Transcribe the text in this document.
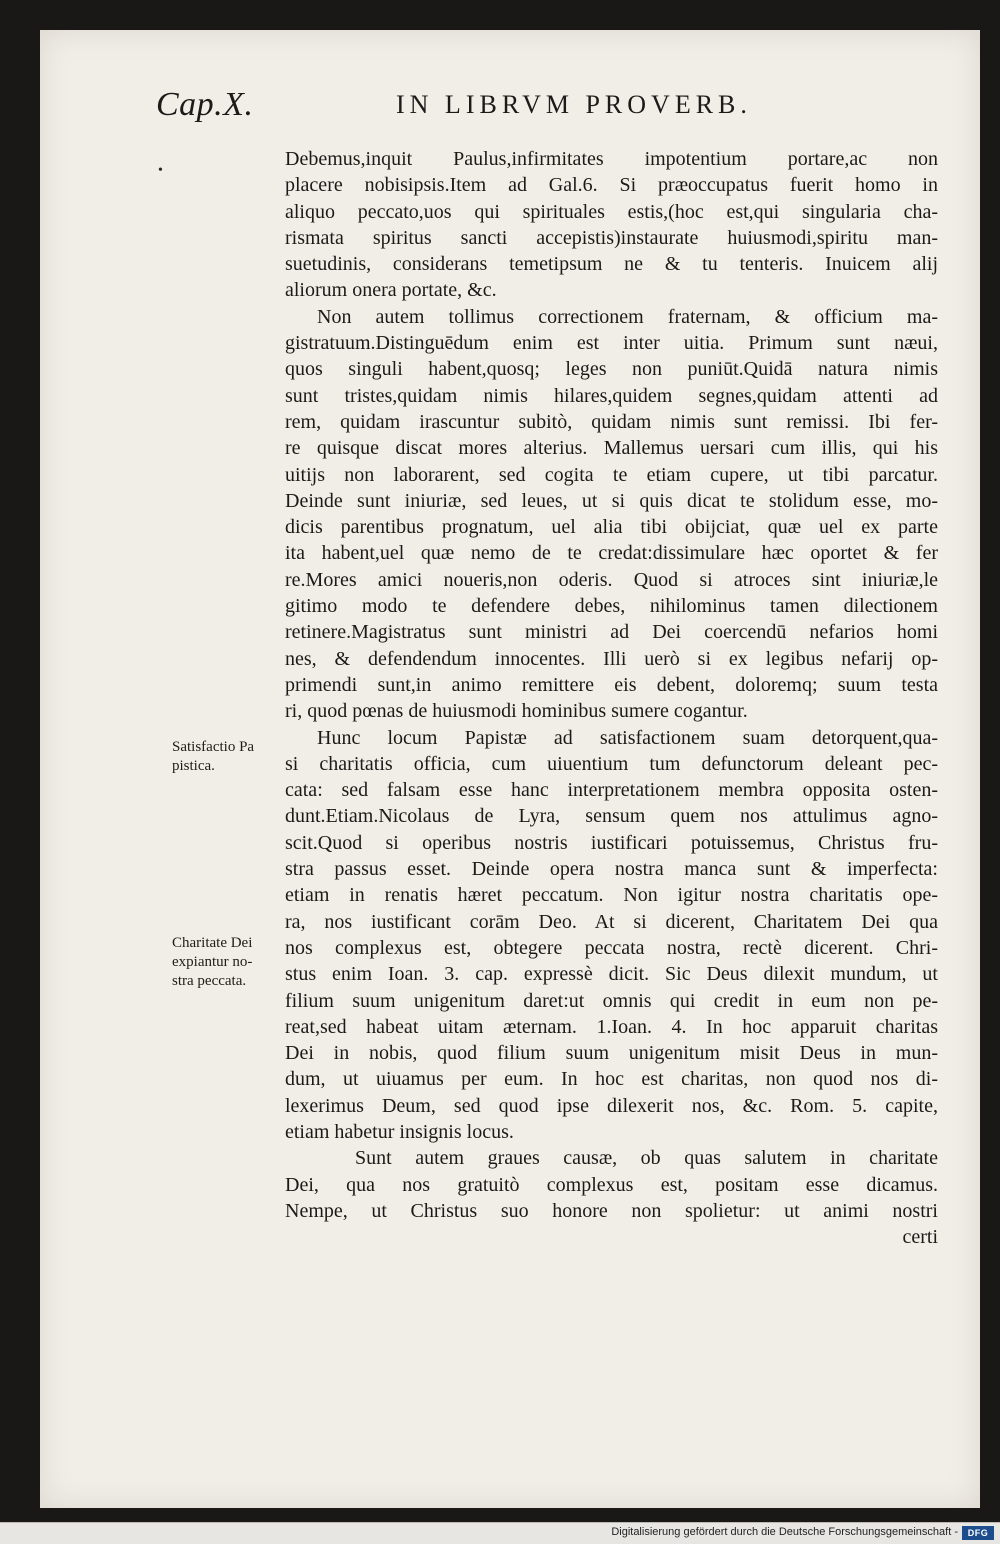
Cap.X.	IN LIBRVM PROVERB.
•
Debemus,inquit Paulus,infirmitates impotentium portare,ac non
placere nobisipsis.Item ad Gal.6. Si præoccupatus fuerit homo in
aliquo peccato,uos qui spirituales estis,(hoc est,qui singularia cha-
rismata spiritus sancti accepistis)instaurate huiusmodi,spiritu man-
suetudinis, considerans temetipsum ne & tu tenteris. Inuicem alij
aliorum onera portate, &c.
Non autem tollimus correctionem fraternam, & officium ma-
gistratuum.Distinguēdum enim est inter uitia. Primum sunt næui,
quos singuli habent,quosq; leges non puniūt.Quidā natura nimis
sunt tristes,quidam nimis hilares,quidem segnes,quidam attenti ad
rem, quidam irascuntur subitò, quidam nimis sunt remissi. Ibi fer-
re quisque discat mores alterius. Mallemus uersari cum illis, qui his
uitijs non laborarent, sed cogita te etiam cupere, ut tibi parcatur.
Deinde sunt iniuriæ, sed leues, ut si quis dicat te stolidum esse, mo-
dicis parentibus prognatum, uel alia tibi obijciat, quæ uel ex parte
ita habent,uel quæ nemo de te credat:dissimulare hæc oportet & fer
re.Mores amici noueris,non oderis. Quod si atroces sint iniuriæ,le
gitimo modo te defendere debes, nihilominus tamen dilectionem
retinere.Magistratus sunt ministri ad Dei coercendū nefarios homi
nes, & defendendum innocentes. Illi uerò si ex legibus nefarij op-
primendi sunt,in animo remittere eis debent, doloremq; suum testa
ri, quod pœnas de huiusmodi hominibus sumere cogantur.
Hunc locum Papistæ ad satisfactionem suam detorquent,qua-
si charitatis officia, cum uiuentium tum defunctorum deleant pec-
cata: sed falsam esse hanc interpretationem membra opposita osten-
dunt.Etiam.Nicolaus de Lyra, sensum quem nos attulimus agno-
scit.Quod si operibus nostris iustificari potuissemus, Christus fru-
stra passus esset. Deinde opera nostra manca sunt & imperfecta:
etiam in renatis hæret peccatum. Non igitur nostra charitatis ope-
ra, nos iustificant corām Deo. At si dicerent, Charitatem Dei qua
nos complexus est, obtegere peccata nostra, rectè dicerent. Chri-
stus enim Ioan. 3. cap. expressè dicit. Sic Deus dilexit mundum, ut
filium suum unigenitum daret:ut omnis qui credit in eum non pe-
reat,sed habeat uitam æternam. 1.Ioan. 4. In hoc apparuit charitas
Dei in nobis, quod filium suum unigenitum misit Deus in mun-
dum, ut uiuamus per eum. In hoc est charitas, non quod nos di-
lexerimus Deum, sed quod ipse dilexerit nos, &c. Rom. 5. capite,
etiam habetur insignis locus.
Sunt autem graues causæ, ob quas salutem in charitate
Dei, qua nos gratuitò complexus est, positam esse dicamus.
Nempe, ut Christus suo honore non spolietur: ut animi nostri
certi
Satisfactio Pa
pistica.
Charitate Dei
expiantur no-
stra peccata.
Digitalisierung gefördert durch die Deutsche Forschungsgemeinschaft -	DFG
